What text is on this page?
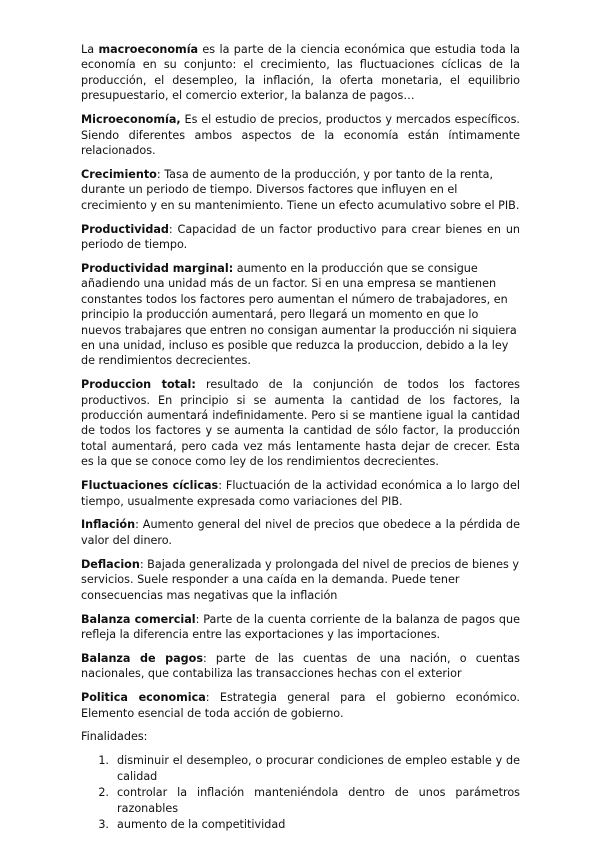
La macroeconomía es la parte de la ciencia económica que estudia toda la economía en su conjunto: el crecimiento, las fluctuaciones cíclicas de la producción, el desempleo, la inflación, la oferta monetaria, el equilibrio presupuestario, el comercio exterior, la balanza de pagos…

Microeconomía, Es el estudio de precios, productos y mercados específicos. Siendo diferentes ambos aspectos de la economía están íntimamente relacionados.

Crecimiento: Tasa de aumento de la producción, y por tanto de la renta, durante un periodo de tiempo. Diversos factores que influyen en el crecimiento y en su mantenimiento. Tiene un efecto acumulativo sobre el PIB.

Productividad: Capacidad de un factor productivo para crear bienes en un periodo de tiempo.

Productividad marginal: aumento en la producción que se consigue añadiendo una unidad más de un factor. Si en una empresa se mantienen constantes todos los factores pero aumentan el número de trabajadores, en principio la producción aumentará, pero llegará un momento en que lo nuevos trabajares que entren no consigan aumentar la producción ni siquiera en una unidad, incluso es posible que reduzca la produccion, debido a la ley de rendimientos decrecientes.

Produccion total: resultado de la conjunción de todos los factores productivos. En principio si se aumenta la cantidad de los factores, la producción aumentará indefinidamente. Pero si se mantiene igual la cantidad de todos los factores y se aumenta la cantidad de sólo factor, la producción total aumentará, pero cada vez más lentamente hasta dejar de crecer. Esta es la que se conoce como ley de los rendimientos decrecientes.

Fluctuaciones cíclicas: Fluctuación de la actividad económica a lo largo del tiempo, usualmente expresada como variaciones del PIB.

Inflación: Aumento general del nivel de precios que obedece a la pérdida de valor del dinero.

Deflacion: Bajada generalizada y prolongada del nivel de precios de bienes y servicios. Suele responder a una caída en la demanda. Puede tener consecuencias mas negativas que la inflación

Balanza comercial: Parte de la cuenta corriente de la balanza de pagos que refleja la diferencia entre las exportaciones y las importaciones.

Balanza de pagos: parte de las cuentas de una nación, o cuentas nacionales, que contabiliza las transacciones hechas con el exterior

Politica economica: Estrategia general para el gobierno económico. Elemento esencial de toda acción de gobierno.

Finalidades:

1. disminuir el desempleo, o procurar condiciones de empleo estable y de calidad
2. controlar la inflación manteniéndola dentro de unos parámetros razonables
3. aumento de la competitividad
